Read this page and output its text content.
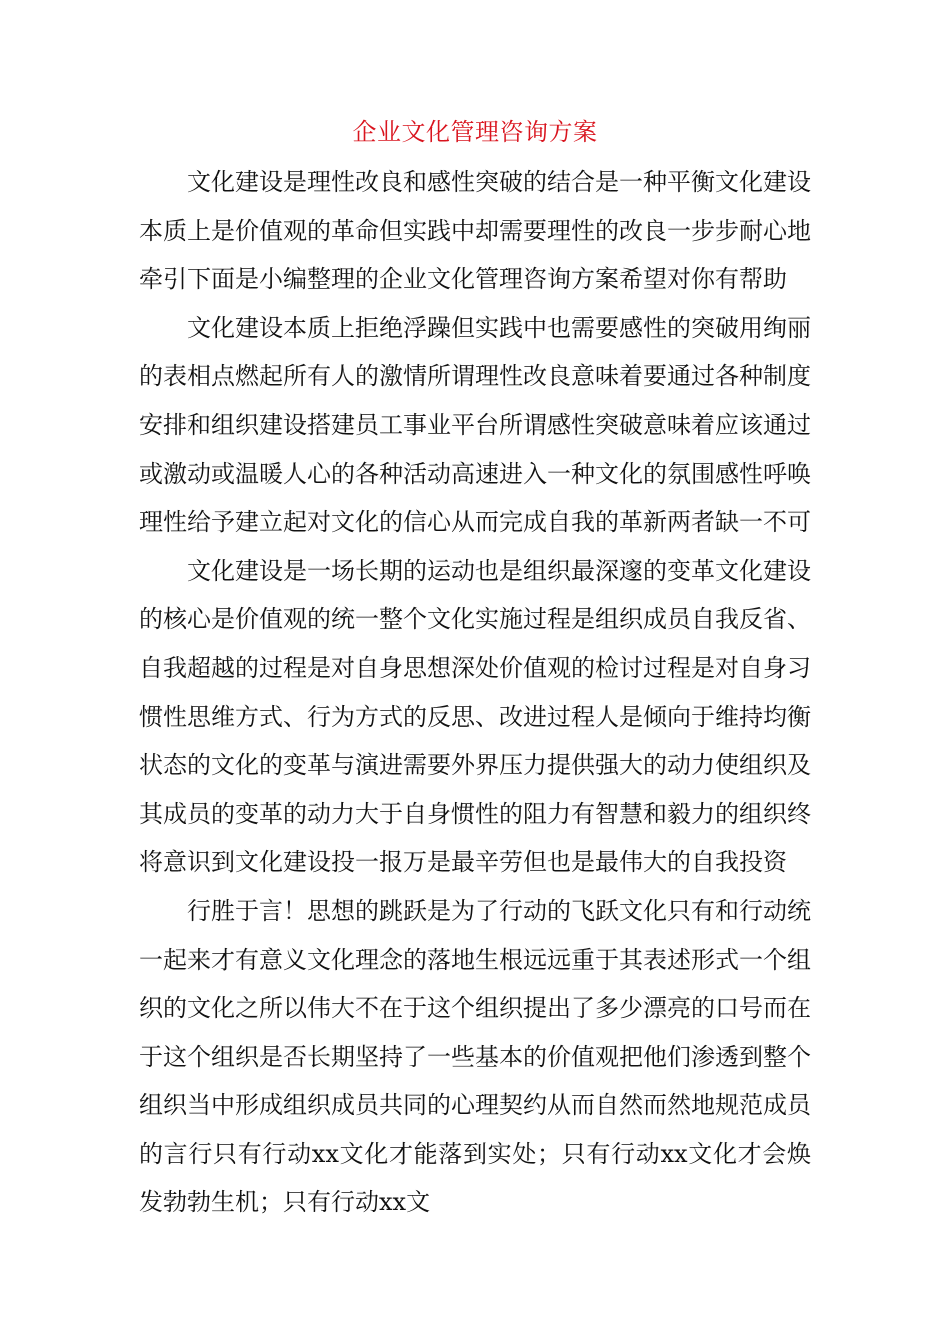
企业文化管理咨询方案

文化建设是理性改良和感性突破的结合是一种平衡文化建设本质上是价值观的革命但实践中却需要理性的改良一步步耐心地牵引下面是小编整理的企业文化管理咨询方案希望对你有帮助

文化建设本质上拒绝浮躁但实践中也需要感性的突破用绚丽的表相点燃起所有人的激情所谓理性改良意味着要通过各种制度安排和组织建设搭建员工事业平台所谓感性突破意味着应该通过或激动或温暖人心的各种活动高速进入一种文化的氛围感性呼唤理性给予建立起对文化的信心从而完成自我的革新两者缺一不可

文化建设是一场长期的运动也是组织最深邃的变革文化建设的核心是价值观的统一整个文化实施过程是组织成员自我反省、自我超越的过程是对自身思想深处价值观的检讨过程是对自身习惯性思维方式、行为方式的反思、改进过程人是倾向于维持均衡状态的文化的变革与演进需要外界压力提供强大的动力使组织及其成员的变革的动力大于自身惯性的阻力有智慧和毅力的组织终将意识到文化建设投一报万是最辛劳但也是最伟大的自我投资

行胜于言！思想的跳跃是为了行动的飞跃文化只有和行动统一起来才有意义文化理念的落地生根远远重于其表述形式一个组织的文化之所以伟大不在于这个组织提出了多少漂亮的口号而在于这个组织是否长期坚持了一些基本的价值观把他们渗透到整个组织当中形成组织成员共同的心理契约从而自然而然地规范成员的言行只有行动xx文化才能落到实处；只有行动xx文化才会焕发勃勃生机；只有行动xx文
